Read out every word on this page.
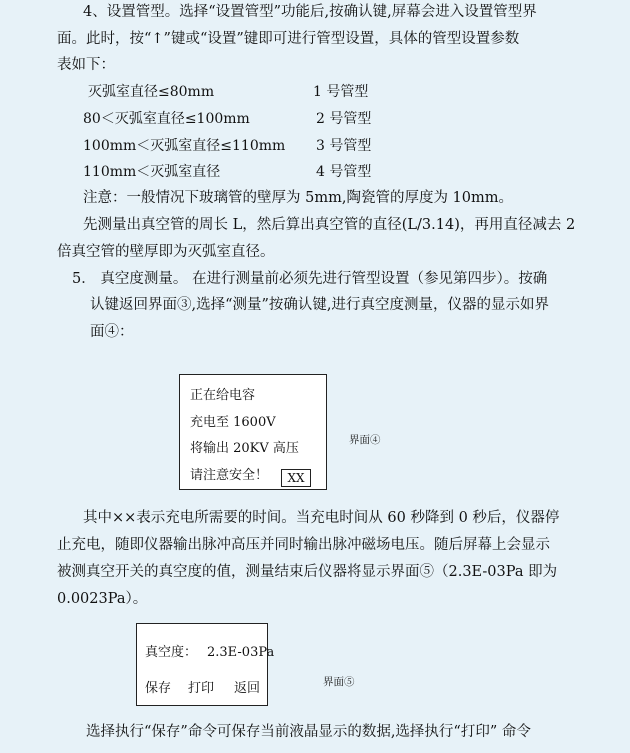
4、设置管型。选择“设置管型”功能后,按确认键,屏幕会进入设置管型界
面。此时，按“↑”键或“设置”键即可进行管型设置，具体的管型设置参数
表如下：
灭弧室直径≤80mm	1 号管型
80＜灭弧室直径≤100mm	2 号管型
100mm＜灭弧室直径≤110mm 3 号管型
110mm＜灭弧室直径	4 号管型
注意：一般情况下玻璃管的壁厚为 5mm,陶瓷管的厚度为 10mm。
先测量出真空管的周长 L，然后算出真空管的直径(L/3.14)，再用直径减去 2
倍真空管的壁厚即为灭弧室直径。
5． 真空度测量。 在进行测量前必须先进行管型设置（参见第四步）。按确
认键返回界面③,选择“测量”按确认键,进行真空度测量，仪器的显示如界
面④：
正在给电容
充电至 1600V
将输出 20KV 高压
请注意安全！	XX
界面④
其中××表示充电所需要的时间。当充电时间从 60 秒降到 0 秒后，仪器停
止充电，随即仪器输出脉冲高压并同时输出脉冲磁场电压。随后屏幕上会显示
被测真空开关的真空度的值，测量结束后仪器将显示界面⑤（2.3E-03Pa 即为
0.0023Pa）。
真空度： 2.3E-03Pa
保存 打印 返回	界面⑤
选择执行“保存”命令可保存当前液晶显示的数据,选择执行“打印” 命令
